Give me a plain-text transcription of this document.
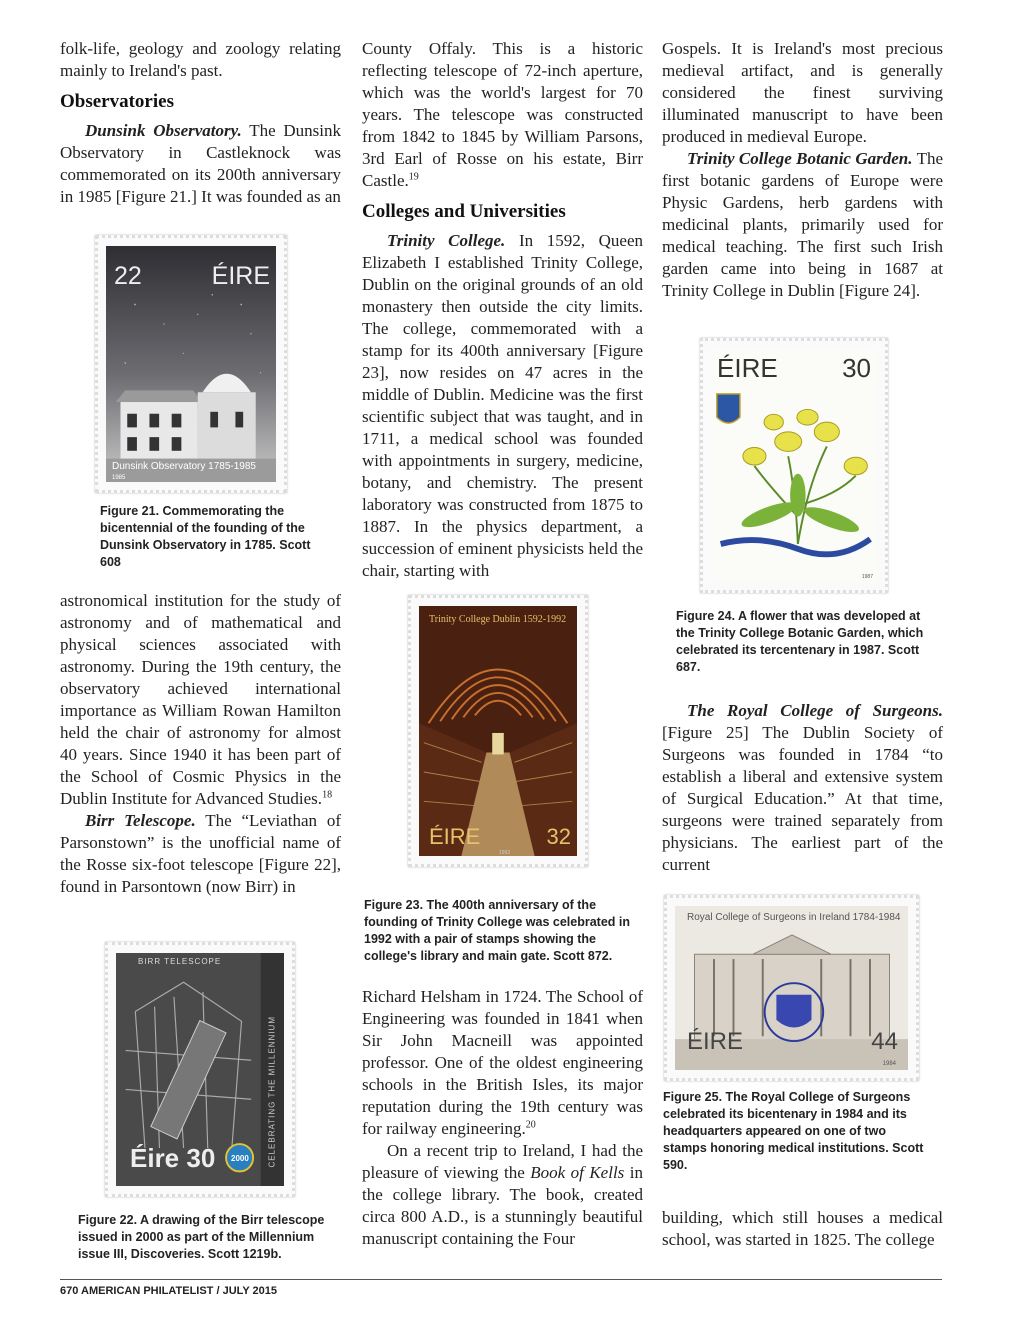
folk-life, geology and zoology relating mainly to Ireland's past.

Observatories

Dunsink Observatory. The Dunsink Observatory in Castleknock was commemorated on its 200th anniversary in 1985 [Figure 21.] It was founded as an

22	ÉIRE
Dunsink Observatory 1785-1985
1985
Figure 21. Commemorating the bicentennial of the founding of the Dunsink Observatory in 1785. Scott 608

astronomical institution for the study of astronomy and of mathematical and physical sciences associated with astronomy. During the 19th century, the observatory achieved international importance as William Rowan Hamilton held the chair of astronomy for almost 40 years. Since 1940 it has been part of the School of Cosmic Physics in the Dublin Institute for Advanced Studies.$^{18}$

Birr Telescope. The “Leviathan of Parsonstown” is the unofficial name of the Rosse six-foot telescope [Figure 22], found in Parsontown (now Birr) in

BIRR TELESCOPE
CELEBRATING THE MILLENNIUM
Éire 30 2000
Figure 22. A drawing of the Birr telescope issued in 2000 as part of the Millennium issue III, Discoveries. Scott 1219b.

County Offaly. This is a historic reflecting telescope of 72-inch aperture, which was the world's largest for 70 years. The telescope was constructed from 1842 to 1845 by William Parsons, 3rd Earl of Rosse on his estate, Birr Castle.$^{19}$

Colleges and Universities

Trinity College. In 1592, Queen Elizabeth I established Trinity College, Dublin on the original grounds of an old monastery then outside the city limits. The college, commemorated with a stamp for its 400th anniversary [Figure 23], now resides on 47 acres in the middle of Dublin. Medicine was the first scientific subject that was taught, and in 1711, a medical school was founded with appointments in surgery, medicine, botany, and chemistry. The present laboratory was constructed from 1875 to 1887. In the physics department, a succession of eminent physicists held the chair, starting with

Trinity College Dublin 1592-1992
ÉIRE	32
1992
Figure 23. The 400th anniversary of the founding of Trinity College was celebrated in 1992 with a pair of stamps showing the college's library and main gate. Scott 872.

Richard Helsham in 1724. The School of Engineering was founded in 1841 when Sir John Macneill was appointed professor. One of the oldest engineering schools in the British Isles, its major reputation during the 19th century was for railway engineering.$^{20}$

On a recent trip to Ireland, I had the pleasure of viewing the Book of Kells in the college library. The book, created circa 800 A.D., is a stunningly beautiful manuscript containing the Four

Gospels. It is Ireland's most precious medieval artifact, and is generally considered the finest surviving illuminated manuscript to have been produced in medieval Europe.

Trinity College Botanic Garden. The first botanic gardens of Europe were Physic Gardens, herb gardens with medicinal plants, primarily used for medical teaching. The first such Irish garden came into being in 1687 at Trinity College in Dublin [Figure 24].

ÉIRE 30
1987
Figure 24. A flower that was developed at the Trinity College Botanic Garden, which celebrated its tercentenary in 1987. Scott 687.

The Royal College of Surgeons. [Figure 25] The Dublin Society of Surgeons was founded in 1784 “to establish a liberal and extensive system of Surgical Education.” At that time, surgeons were trained separately from physicians. The earliest part of the current

Royal College of Surgeons in Ireland 1784-1984
ÉIRE	44
1984
Figure 25. The Royal College of Surgeons celebrated its bicentenary in 1984 and its headquarters appeared on one of two stamps honoring medical institutions. Scott 590.

building, which still houses a medical school, was started in 1825. The college

670 AMERICAN PHILATELIST / JULY 2015
